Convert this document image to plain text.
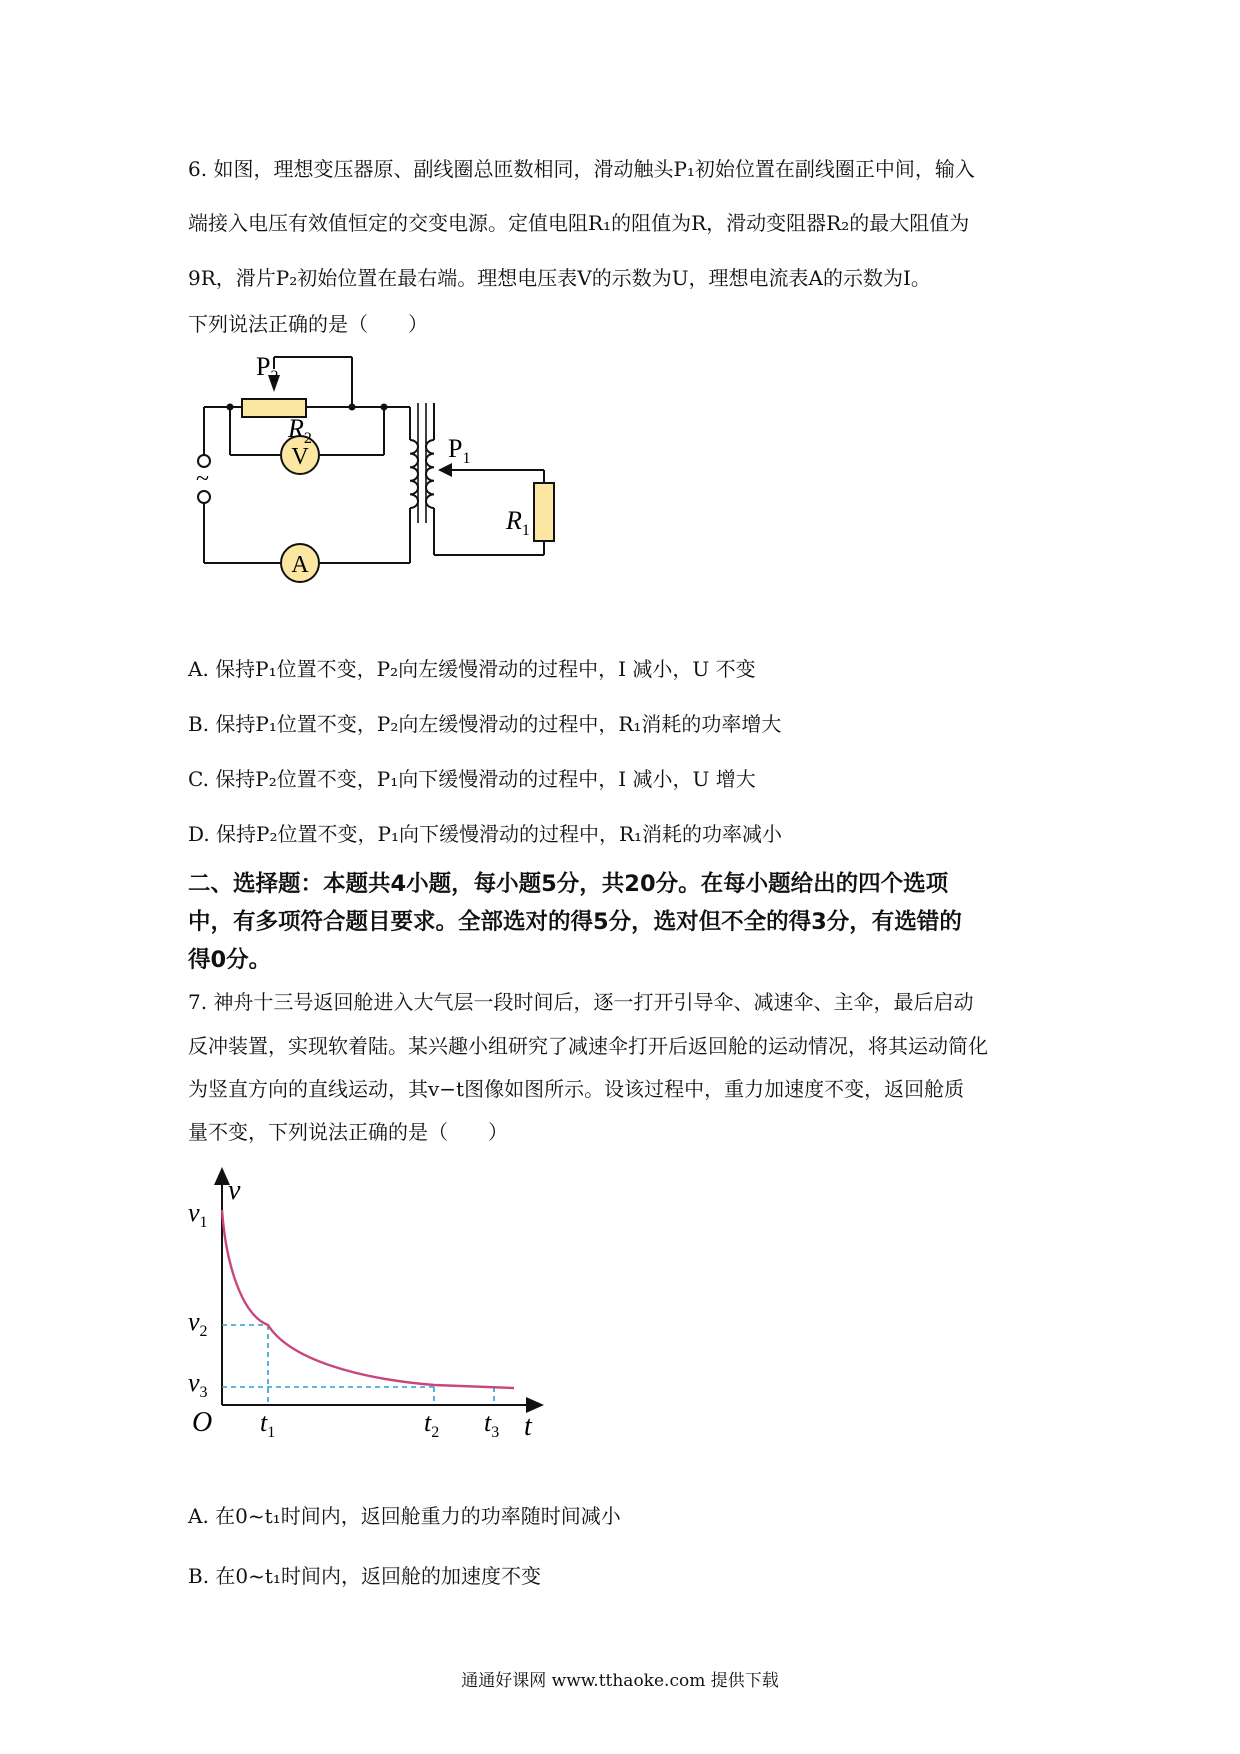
6. 如图，理想变压器原、副线圈总匝数相同，滑动触头P₁初始位置在副线圈正中间，输入
端接入电压有效值恒定的交变电源。定值电阻R₁的阻值为R，滑动变阻器R₂的最大阻值为
9R，滑片P₂初始位置在最右端。理想电压表V的示数为U，理想电流表A的示数为I。
下列说法正确的是（　　）
~
V
A
$P_2$
$R_2$	$P_1$
$R_1$
A. 保持P₁位置不变，P₂向左缓慢滑动的过程中，I 减小，U 不变
B. 保持P₁位置不变，P₂向左缓慢滑动的过程中，R₁消耗的功率增大
C. 保持P₂位置不变，P₁向下缓慢滑动的过程中，I 减小，U 增大
D. 保持P₂位置不变，P₁向下缓慢滑动的过程中，R₁消耗的功率减小
二、选择题：本题共4小题，每小题5分，共20分。在每小题给出的四个选项
中，有多项符合题目要求。全部选对的得5分，选对但不全的得3分，有选错的
得0分。
7. 神舟十三号返回舱进入大气层一段时间后，逐一打开引导伞、减速伞、主伞，最后启动
反冲装置，实现软着陆。某兴趣小组研究了减速伞打开后返回舱的运动情况，将其运动简化
为竖直方向的直线运动，其v−t图像如图所示。设该过程中，重力加速度不变，返回舱质
量不变，下列说法正确的是（　　）
v
t
O
$v_1$
$v_2$
$v_3$
$t_1$	$t_2$ $t_3$
A. 在0~t₁时间内，返回舱重力的功率随时间减小
B. 在0~t₁时间内，返回舱的加速度不变
通通好课网 www.tthaoke.com 提供下载
